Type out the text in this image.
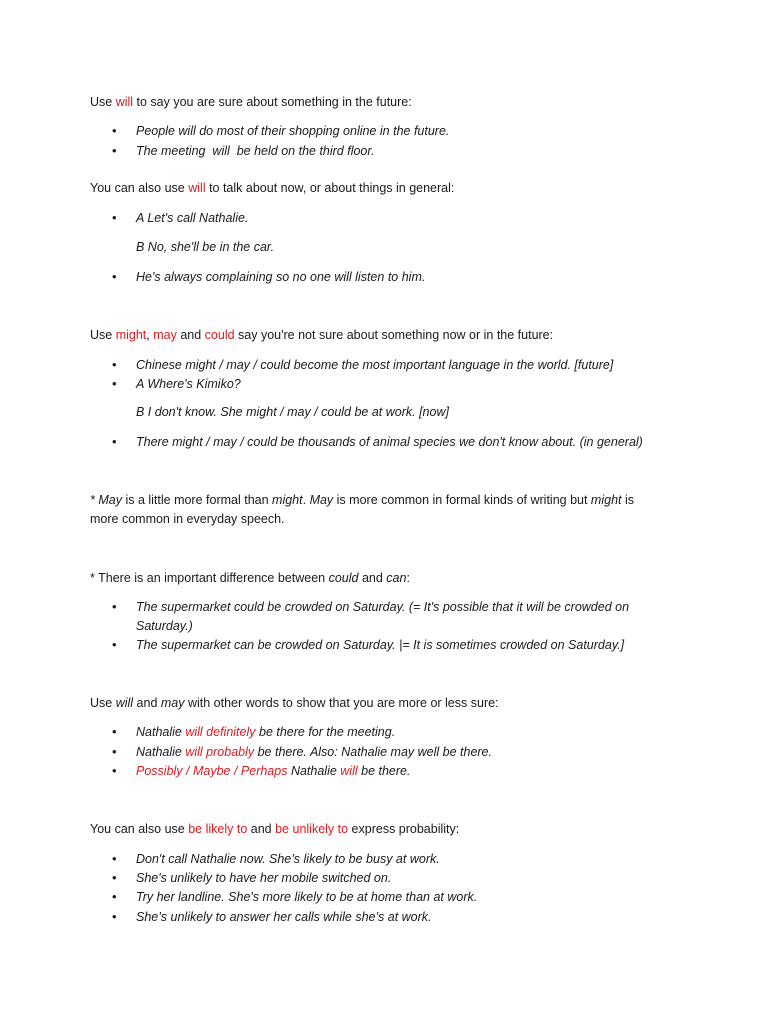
Use will to say you are sure about something in the future:
• People will do most of their shopping online in the future.
• The meeting  will  be held on the third floor.
You can also use will to talk about now, or about things in general:
• A Let's call Nathalie.
B No, she'll be in the car.
• He's always complaining so no one will listen to him.
Use might, may and could say you're not sure about something now or in the future:
• Chinese might / may / could become the most important language in the world. [future]
• A Where's Kimiko?
B I don't know. She might / may / could be at work. [now]
• There might / may / could be thousands of animal species we don't know about. (in general)
* May is a little more formal than might. May is more common in formal kinds of writing but might is
more common in everyday speech.
* There is an important difference between could and can:
• The supermarket could be crowded on Saturday. (= It's possible that it will be crowded on
Saturday.)
• The supermarket can be crowded on Saturday. |= It is sometimes crowded on Saturday.]
Use will and may with other words to show that you are more or less sure:
• Nathalie will definitely be there for the meeting.
• Nathalie will probably be there. Also: Nathalie may well be there.
• Possibly / Maybe / Perhaps Nathalie will be there.
You can also use be likely to and be unlikely to express probability:
• Don't call Nathalie now. She’s likely to be busy at work.
• She's unlikely to have her mobile switched on.
• Try her landline. She's more likely to be at home than at work.
• She’s unlikely to answer her calls while she’s at work.
